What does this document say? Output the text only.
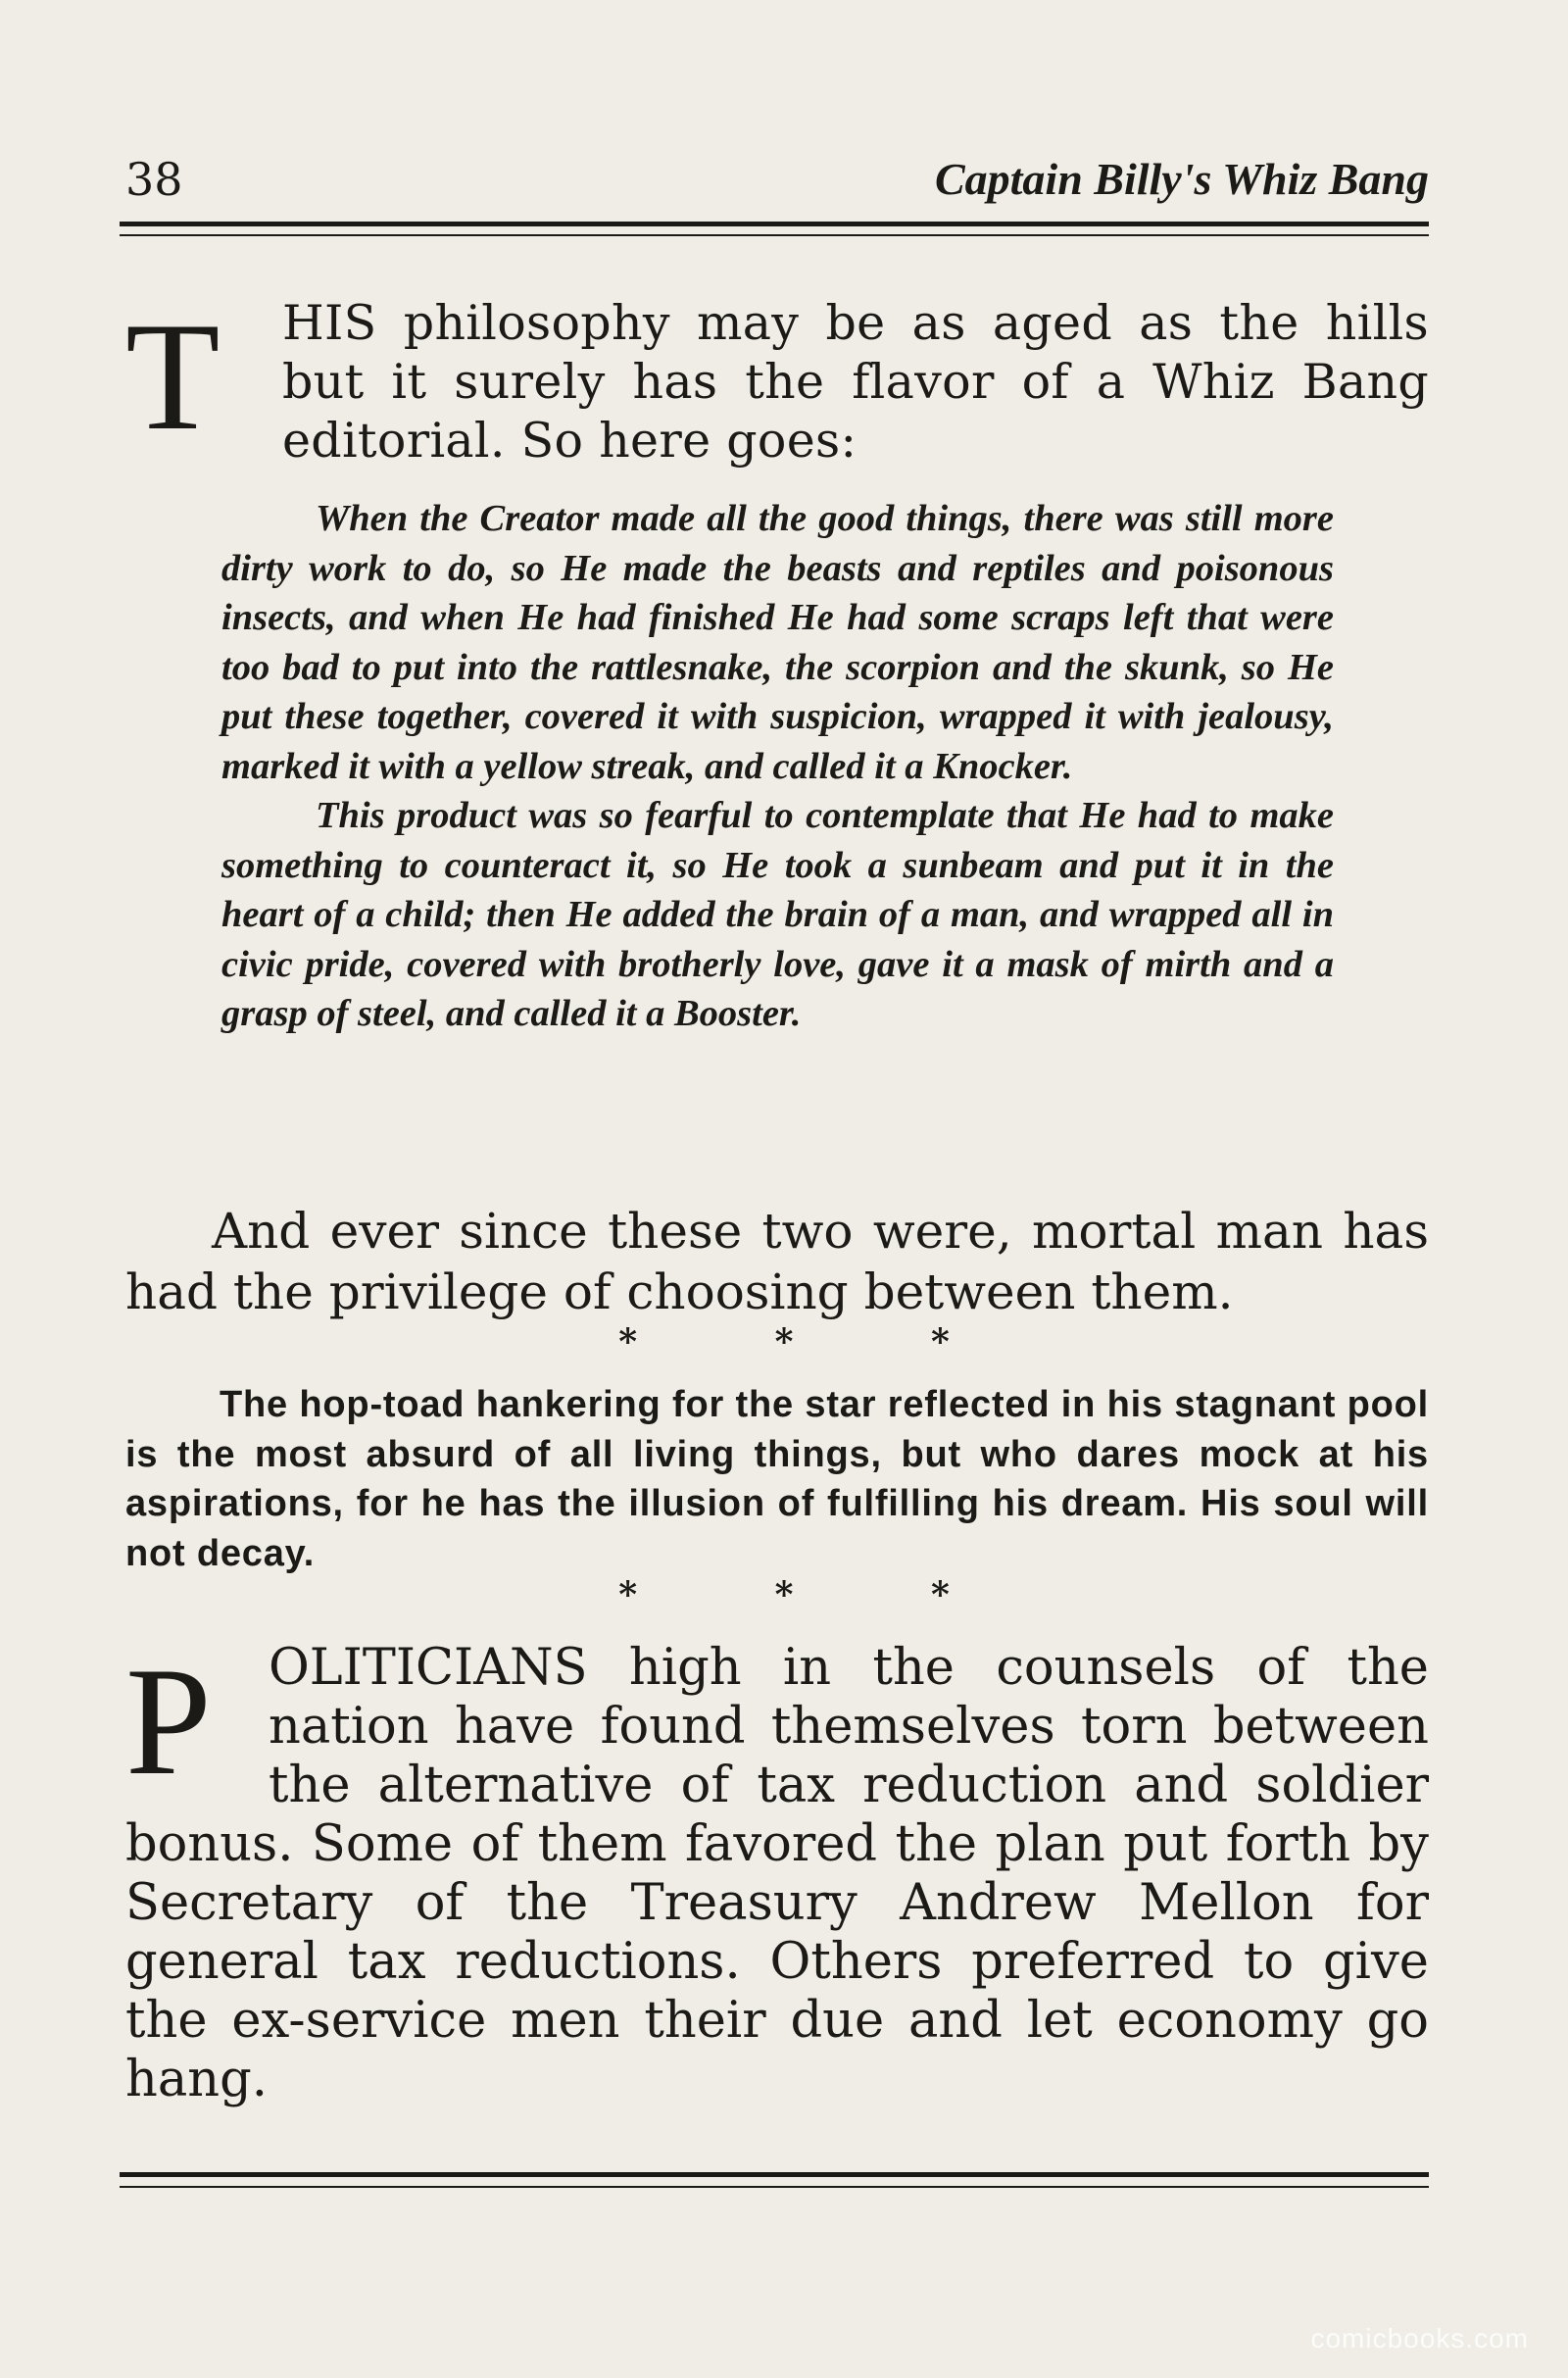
38	Captain Billy's Whiz Bang
T HIS philosophy may be as aged as the hills but it surely has the flavor of a Whiz Bang editorial. So here goes:

When the Creator made all the good things, there was still more dirty work to do, so He made the beasts and reptiles and poisonous insects, and when He had finished He had some scraps left that were too bad to put into the rattlesnake, the scorpion and the skunk, so He put these together, covered it with suspicion, wrapped it with jealousy, marked it with a yellow streak, and called it a Knocker.

This product was so fearful to contemplate that He had to make something to counteract it, so He took a sunbeam and put it in the heart of a child; then He added the brain of a man, and wrapped all in civic pride, covered with brotherly love, gave it a mask of mirth and a grasp of steel, and called it a Booster.

And ever since these two were, mortal man has had the privilege of choosing between them.
* * *
The hop-toad hankering for the star reflected in his stagnant pool is the most absurd of all living things, but who dares mock at his aspirations, for he has the illusion of fulfilling his dream. His soul will not decay.
* * *
P	OLITICIANS high in the counsels of the nation have found themselves torn between the alternative of tax reduction and soldier bonus. Some of them favored the plan put forth by Secretary of the Treasury Andrew Mellon for general tax reductions. Others preferred to give the ex-service men their due and let economy go hang.
comicbooks.com
